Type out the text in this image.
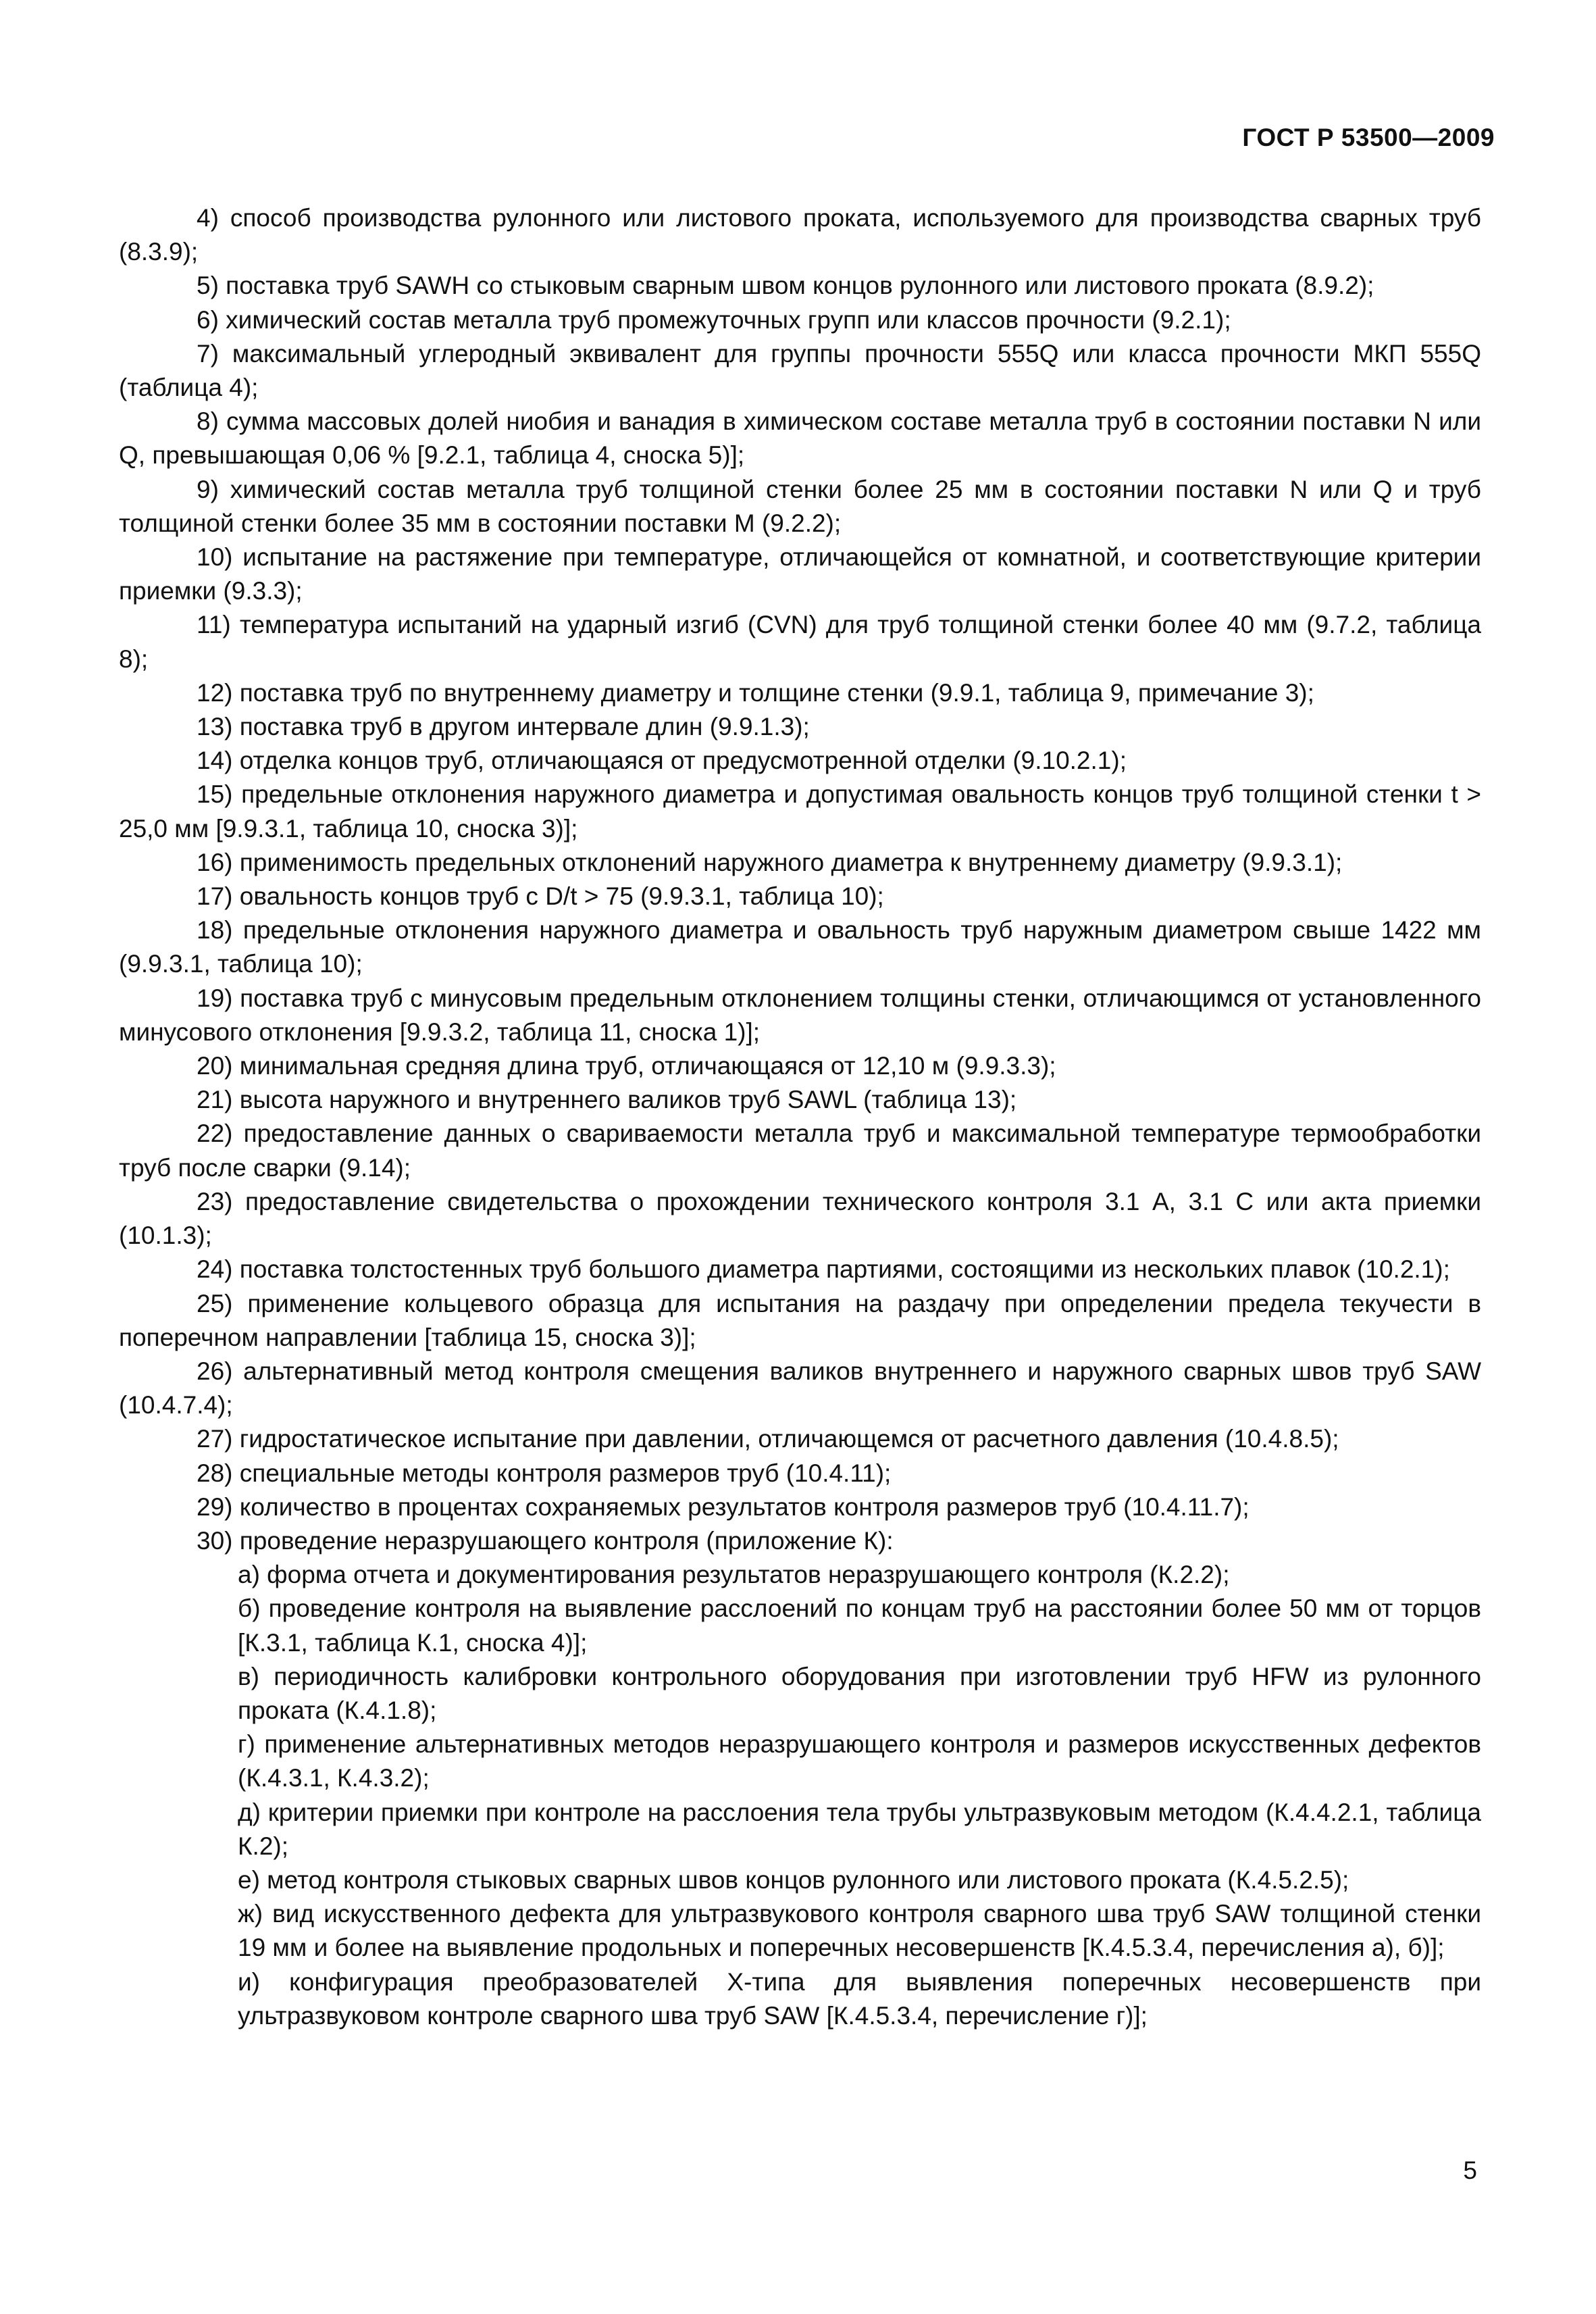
ГОСТ Р 53500—2009

4) способ производства рулонного или листового проката, используемого для производства сварных труб (8.3.9);

5) поставка труб SAWH со стыковым сварным швом концов рулонного или листового проката (8.9.2);

6) химический состав металла труб промежуточных групп или классов прочности (9.2.1);

7) максимальный углеродный эквивалент для группы прочности 555Q или класса прочности МКП 555Q (таблица 4);

8) сумма массовых долей ниобия и ванадия в химическом составе металла труб в состоянии поставки N или Q, превышающая 0,06 % [9.2.1, таблица 4, сноска 5)];

9) химический состав металла труб толщиной стенки более 25 мм в состоянии поставки N или Q и труб толщиной стенки более 35 мм в состоянии поставки М (9.2.2);

10) испытание на растяжение при температуре, отличающейся от комнатной, и соответствующие критерии приемки (9.3.3);

11) температура испытаний на ударный изгиб (CVN) для труб толщиной стенки более 40 мм (9.7.2, таблица 8);

12) поставка труб по внутреннему диаметру и толщине стенки (9.9.1, таблица 9, примечание 3);

13) поставка труб в другом интервале длин (9.9.1.3);

14) отделка концов труб, отличающаяся от предусмотренной отделки (9.10.2.1);

15) предельные отклонения наружного диаметра и допустимая овальность концов труб толщиной стенки t > 25,0 мм [9.9.3.1, таблица 10, сноска 3)];

16) применимость предельных отклонений наружного диаметра к внутреннему диаметру (9.9.3.1);

17) овальность концов труб с D/t > 75 (9.9.3.1, таблица 10);

18) предельные отклонения наружного диаметра и овальность труб наружным диаметром свыше 1422 мм (9.9.3.1, таблица 10);

19) поставка труб с минусовым предельным отклонением толщины стенки, отличающимся от установленного минусового отклонения [9.9.3.2, таблица 11, сноска 1)];

20) минимальная средняя длина труб, отличающаяся от 12,10 м (9.9.3.3);

21) высота наружного и внутреннего валиков труб SAWL (таблица 13);

22) предоставление данных о свариваемости металла труб и максимальной температуре термообработки труб после сварки (9.14);

23) предоставление свидетельства о прохождении технического контроля 3.1 А, 3.1 С или акта приемки (10.1.3);

24) поставка толстостенных труб большого диаметра партиями, состоящими из нескольких плавок (10.2.1);

25) применение кольцевого образца для испытания на раздачу при определении предела текучести в поперечном направлении [таблица 15, сноска 3)];

26) альтернативный метод контроля смещения валиков внутреннего и наружного сварных швов труб SAW (10.4.7.4);

27) гидростатическое испытание при давлении, отличающемся от расчетного давления (10.4.8.5);

28) специальные методы контроля размеров труб (10.4.11);

29) количество в процентах сохраняемых результатов контроля размеров труб (10.4.11.7);

30) проведение неразрушающего контроля (приложение К):

а) форма отчета и документирования результатов неразрушающего контроля (К.2.2);

б) проведение контроля на выявление расслоений по концам труб на расстоянии более 50 мм от торцов [К.3.1, таблица К.1, сноска 4)];

в) периодичность калибровки контрольного оборудования при изготовлении труб HFW из рулонного проката (К.4.1.8);

г) применение альтернативных методов неразрушающего контроля и размеров искусственных дефектов (К.4.3.1, К.4.3.2);

д) критерии приемки при контроле на расслоения тела трубы ультразвуковым методом (К.4.4.2.1, таблица К.2);

е) метод контроля стыковых сварных швов концов рулонного или листового проката (К.4.5.2.5);

ж) вид искусственного дефекта для ультразвукового контроля сварного шва труб SAW толщиной стенки 19 мм и более на выявление продольных и поперечных несовершенств [К.4.5.3.4, перечисления а), б)];

и) конфигурация преобразователей X-типа для выявления поперечных несовершенств при ультразвуковом контроле сварного шва труб SAW [К.4.5.3.4, перечисление г)];

5
